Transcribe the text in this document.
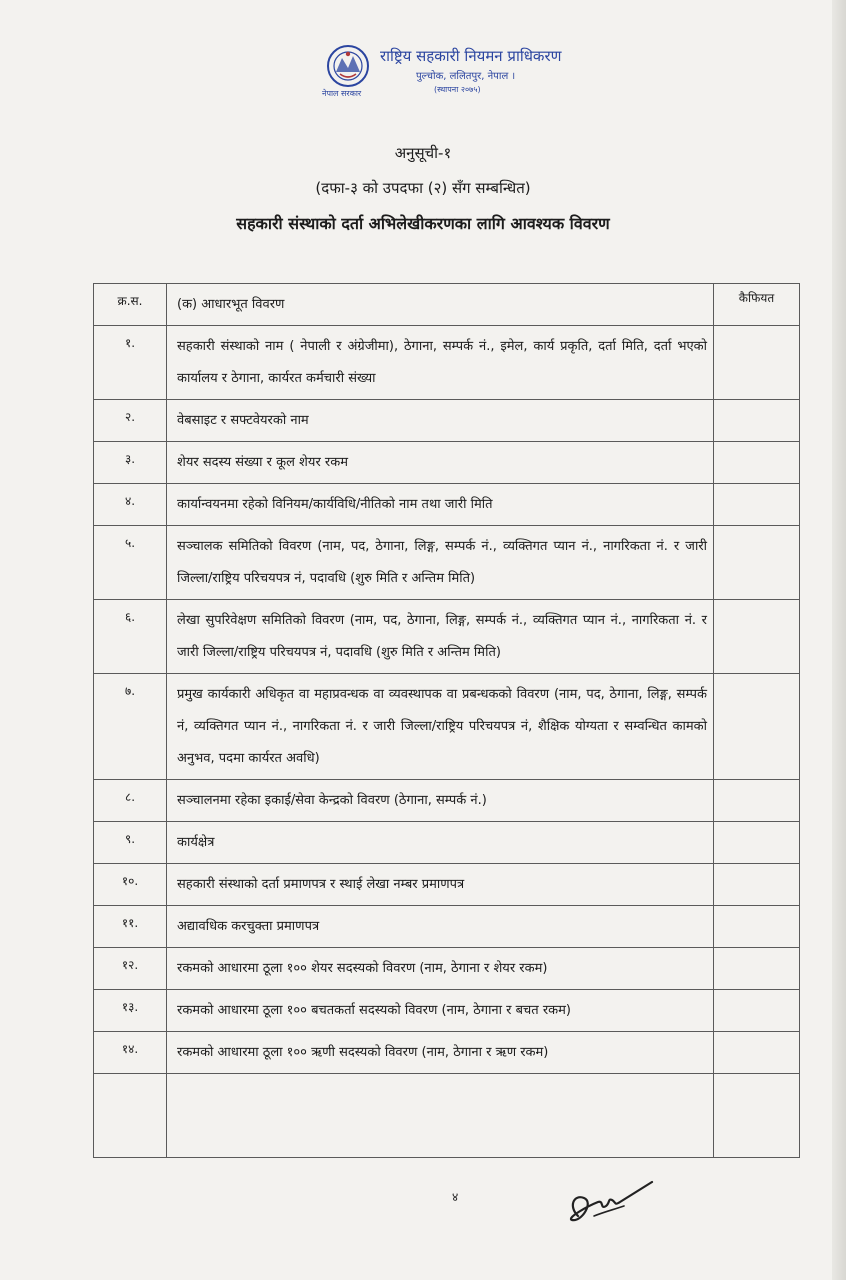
नेपाल सरकार
राष्ट्रिय सहकारी नियमन प्राधिकरण
पुल्चोक, ललितपुर, नेपाल ।
(स्थापना २०७५)
अनुसूची-१
(दफा-३ को उपदफा (२) सँग सम्बन्धित)
सहकारी संस्थाको दर्ता अभिलेखीकरणका लागि आवश्यक विवरण
क्र.स.	(क) आधारभूत विवरण	कैफियत
१.	सहकारी संस्थाको नाम ( नेपाली र अंग्रेजीमा), ठेगाना, सम्पर्क नं., इमेल, कार्य प्रकृति, दर्ता मिति, दर्ता भएको कार्यालय र ठेगाना, कार्यरत कर्मचारी संख्या	
२.	वेबसाइट र सफ्टवेयरको नाम	
३.	शेयर सदस्य संख्या र कूल शेयर रकम	
४.	कार्यान्वयनमा रहेको विनियम/कार्यविधि/नीतिको नाम तथा जारी मिति	
५.	सञ्चालक समितिको विवरण (नाम, पद, ठेगाना, लिङ्ग, सम्पर्क नं., व्यक्तिगत प्यान नं., नागरिकता नं. र जारी जिल्ला/राष्ट्रिय परिचयपत्र नं, पदावधि (शुरु मिति र अन्तिम मिति)	
६.	लेखा सुपरिवेक्षण समितिको विवरण (नाम, पद, ठेगाना, लिङ्ग, सम्पर्क नं., व्यक्तिगत प्यान नं., नागरिकता नं. र जारी जिल्ला/राष्ट्रिय परिचयपत्र नं, पदावधि (शुरु मिति र अन्तिम मिति)	
७.	प्रमुख कार्यकारी अधिकृत वा महाप्रवन्धक वा व्यवस्थापक वा प्रबन्धकको विवरण (नाम, पद, ठेगाना, लिङ्ग, सम्पर्क नं, व्यक्तिगत प्यान नं., नागरिकता नं. र जारी जिल्ला/राष्ट्रिय परिचयपत्र नं, शैक्षिक योग्यता र सम्वन्धित कामको अनुभव, पदमा कार्यरत अवधि)	
८.	सञ्चालनमा रहेका इकाई/सेवा केन्द्रको विवरण (ठेगाना, सम्पर्क नं.)	
९.	कार्यक्षेत्र	
१०.	सहकारी संस्थाको दर्ता प्रमाणपत्र र स्थाई लेखा नम्बर प्रमाणपत्र	
११.	अद्यावधिक करचुक्ता प्रमाणपत्र	
१२.	रकमको आधारमा ठूला १०० शेयर सदस्यको विवरण (नाम, ठेगाना र शेयर रकम)	
१३.	रकमको आधारमा ठूला १०० बचतकर्ता सदस्यको विवरण (नाम, ठेगाना र बचत रकम)	
१४.	रकमको आधारमा ठूला १०० ऋणी सदस्यको विवरण (नाम, ठेगाना र ऋण रकम)	

४
